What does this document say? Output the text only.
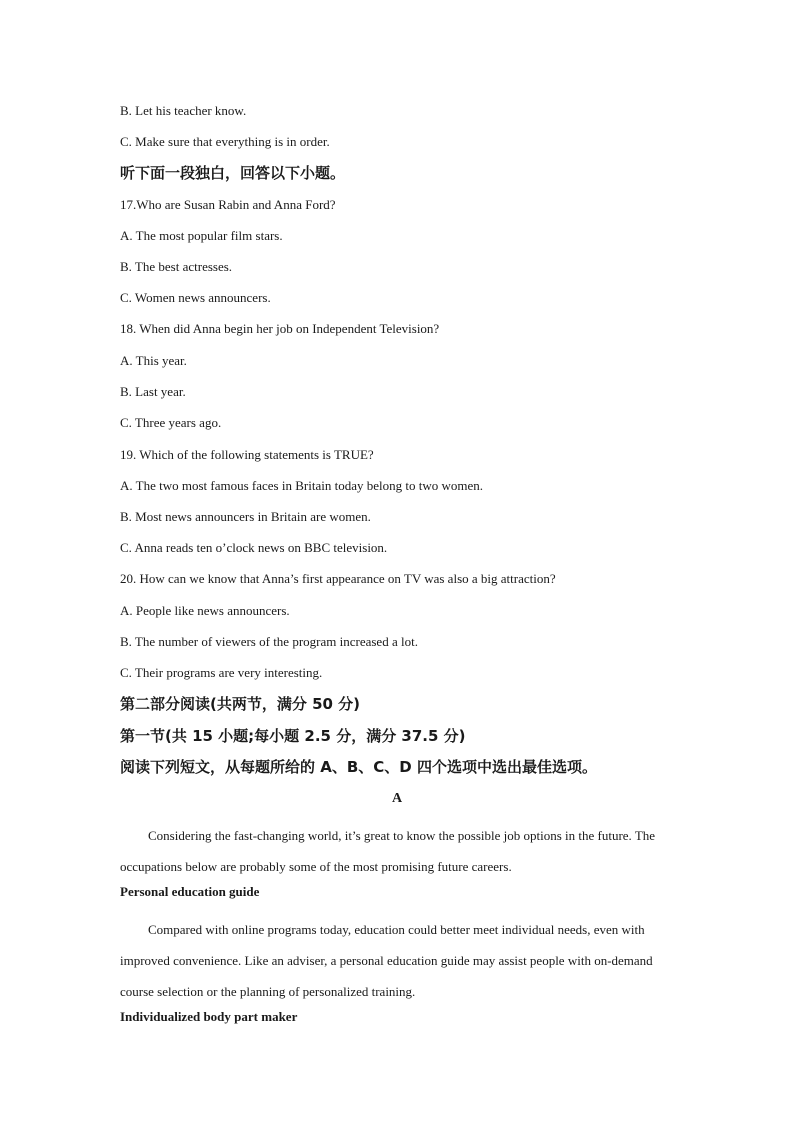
B. Let his teacher know.
C. Make sure that everything is in order.
听下面一段独白，回答以下小题。
17.Who are Susan Rabin and Anna Ford?
A. The most popular film stars.
B. The best actresses.
C. Women news announcers.
18. When did Anna begin her job on Independent Television?
A. This year.
B. Last year.
C. Three years ago.
19. Which of the following statements is TRUE?
A. The two most famous faces in Britain today belong to two women.
B. Most news announcers in Britain are women.
C. Anna reads ten o’clock news on BBC television.
20. How can we know that Anna’s first appearance on TV was also a big attraction?
A. People like news announcers.
B. The number of viewers of the program increased a lot.
C. Their programs are very interesting.
第二部分阅读(共两节，满分 50 分)
第一节(共 15 小题;每小题 2.5 分，满分 37.5 分)
阅读下列短文，从每题所给的 A、B、C、D 四个选项中选出最佳选项。
A
Considering the fast-changing world, it’s great to know the possible job options in the future. The occupations below are probably some of the most promising future careers.
Personal education guide
Compared with online programs today, education could better meet individual needs, even with improved convenience. Like an adviser, a personal education guide may assist people with on-demand course selection or the planning of personalized training.
Individualized body part maker
